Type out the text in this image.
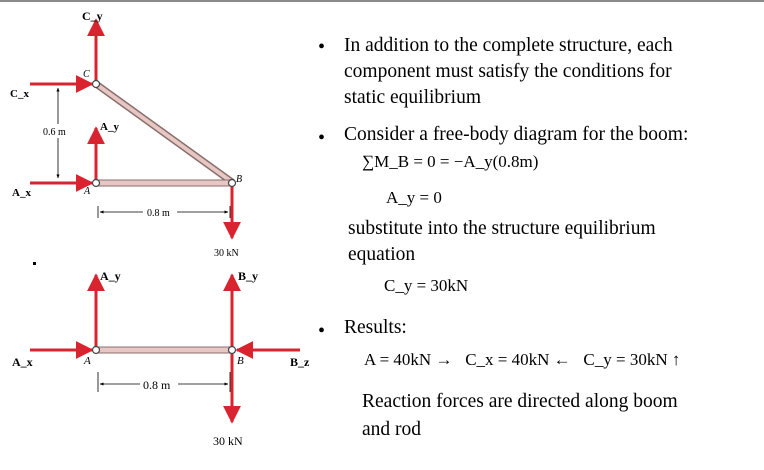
C_y
C
C_x
0.6 m	A_y
A_x	A
B
0.8 m
30 kN
A_y	B_y
A_x	A	B	B_z
0.8 m
30 kN
• In addition to the complete structure, each
component must satisfy the conditions for
static equilibrium
• Consider a free-body diagram for the boom:
∑M_B = 0 = −A_y(0.8m)
A_y = 0
substitute into the structure equilibrium
equation
C_y = 30kN
• Results:
A = 40kN →   C_x = 40kN ←   C_y = 30kN ↑
Reaction forces are directed along boom
and rod
